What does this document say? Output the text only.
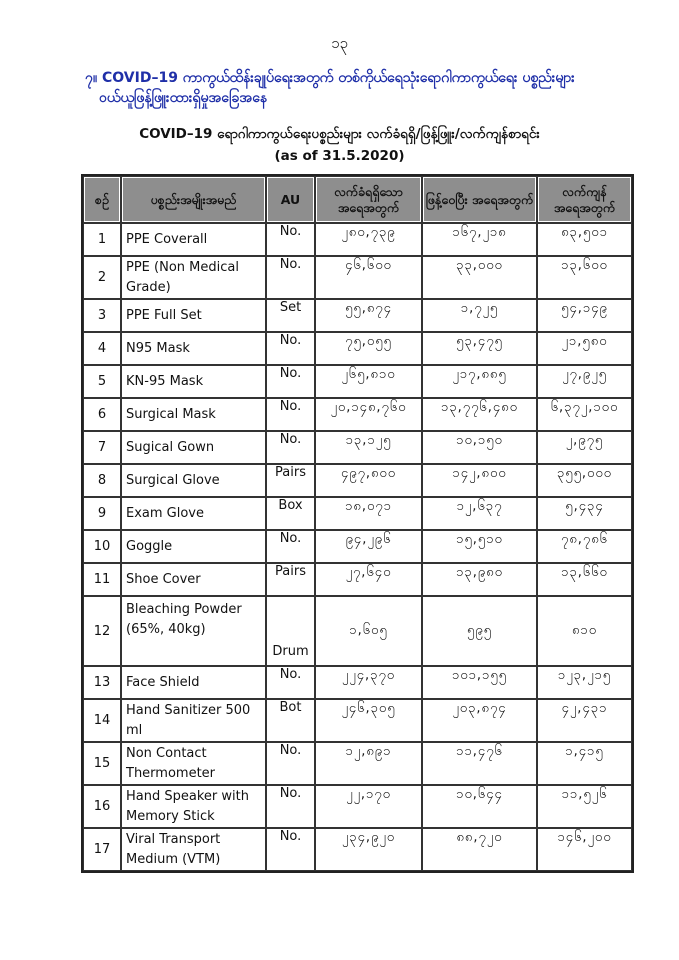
၁၃
၇။ COVID–19 ကာကွယ်ထိန်းချုပ်ရေးအတွက် တစ်ကိုယ်ရေသုံးရောဂါကာကွယ်ရေး ပစ္စည်းများ
ဝယ်ယူဖြန့်ဖြူးထားရှိမှုအခြေအနေ
COVID–19 ရောဂါကာကွယ်ရေးပစ္စည်းများ လက်ခံရရှိ/ဖြန့်ဖြူး/လက်ကျန်စာရင်း
(as of 31.5.2020)
စဉ်	ပစ္စည်းအမျိုးအမည်	AU	လက်ခံရရှိသော အရေအတွက်	ဖြန့်ဝေပြီး အရေအတွက်	လက်ကျန် အရေအတွက်
1	PPE Coverall	No.	၂၈၀,၇၃၉	၁၆၇,၂၁၈	၈၃,၅၀၁
2	PPE (Non Medical Grade)	No.	၄၆,၆၀၀	၃၃,၀၀၀	၁၃,၆၀၀
3	PPE Full Set	Set	၅၅,၈၇၄	၁,၇၂၅	၅၄,၁၄၉
4	N95 Mask	No.	၇၅,၀၅၅	၅၃,၄၇၅	၂၁,၅၈၀
5	KN-95 Mask	No.	၂၆၅,၈၁၀	၂၁၇,၈၈၅	၂၇,၉၂၅
6	Surgical Mask	No.	၂၀,၁၄၈,၇၆၀	၁၃,၇၇၆,၄၈၀	၆,၃၇၂,၁၀၀
7	Sugical Gown	No.	၁၃,၁၂၅	၁၀,၁၅၀	၂,၉၇၅
8	Surgical Glove	Pairs	၄၉၇,၈၀၀	၁၄၂,၈၀၀	၃၅၅,၀၀၀
9	Exam Glove	Box	၁၈,၀၇၁	၁၂,၆၃၇	၅,၄၃၄
10	Goggle	No.	၉၄,၂၉၆	၁၅,၅၁၀	၇၈,၇၈၆
11	Shoe Cover	Pairs	၂၇,၆၄၀	၁၃,၉၈၀	၁၃,၆၆၀
12	Bleaching Powder (65%, 40kg)	Drum	၁,၆၀၅	၅၉၅	၈၁၀
13	Face Shield	No.	၂၂၄,၃၇၀	၁၀၁,၁၅၅	၁၂၃,၂၁၅
14	Hand Sanitizer 500 ml	Bot	၂၄၆,၃၀၅	၂၀၃,၈၇၄	၄၂,၄၃၁
15	Non Contact Thermometer	No.	၁၂,၈၉၁	၁၁,၄၇၆	၁,၄၁၅
16	Hand Speaker with Memory Stick	No.	၂၂,၁၇၀	၁၀,၆၄၄	၁၁,၅၂၆
17	Viral Transport Medium (VTM)	No.	၂၃၄,၉၂၀	၈၈,၇၂၀	၁၄၆,၂၀၀
